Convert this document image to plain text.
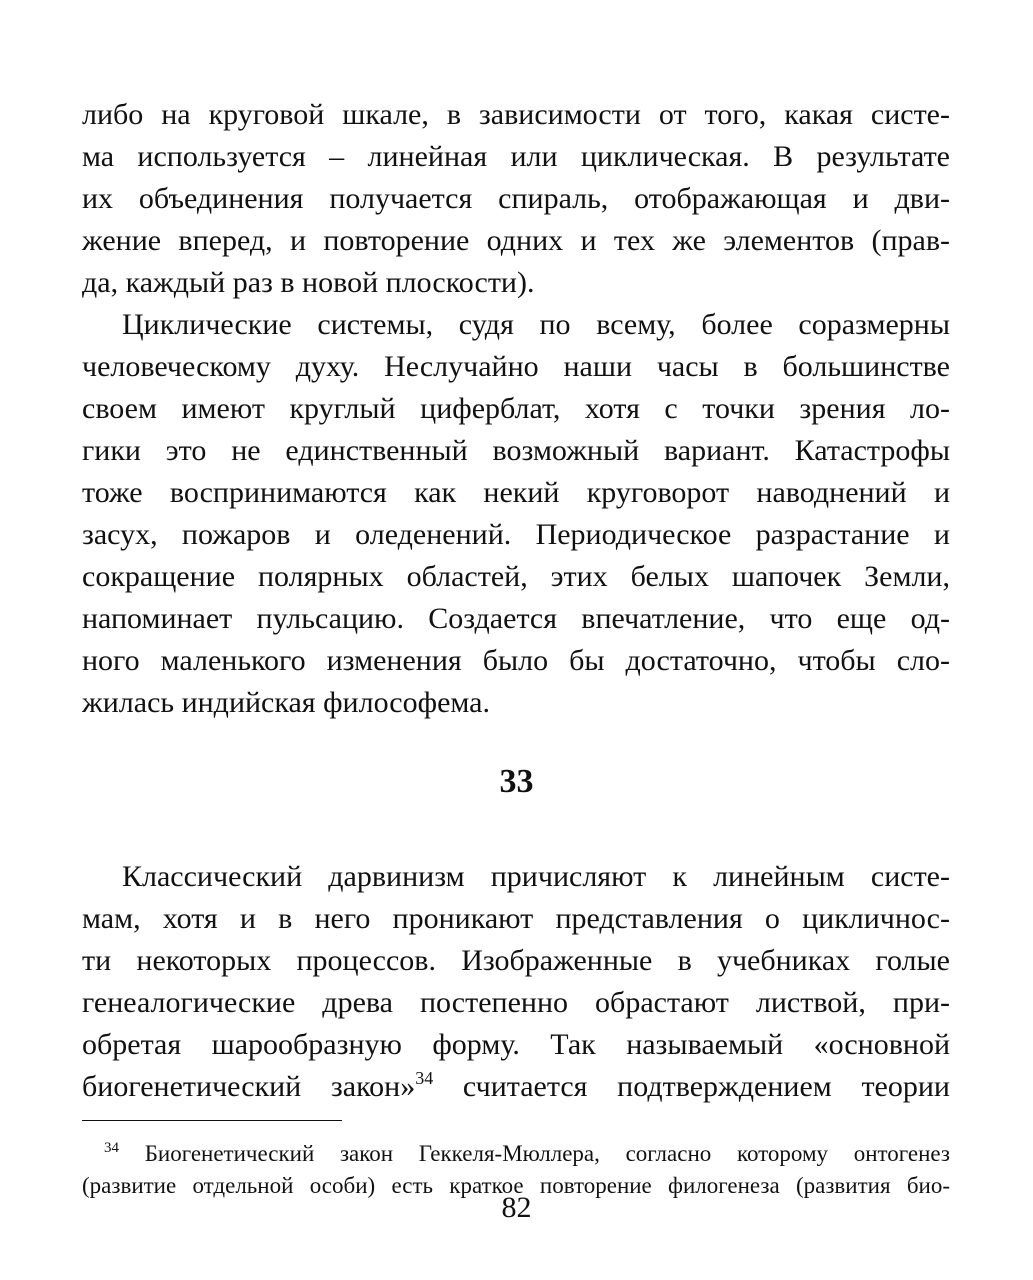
либо на круговой шкале, в зависимости от того, какая систе-
ма используется – линейная или циклическая. В результате
их объединения получается спираль, отображающая и дви-
жение вперед, и повторение одних и тех же элементов (прав-
да, каждый раз в новой плоскости).
Циклические системы, судя по всему, более соразмерны
человеческому духу. Неслучайно наши часы в большинстве
своем имеют круглый циферблат, хотя с точки зрения ло-
гики это не единственный возможный вариант. Катастрофы
тоже воспринимаются как некий круговорот наводнений и
засух, пожаров и оледенений. Периодическое разрастание и
сокращение полярных областей, этих белых шапочек Земли,
напоминает пульсацию. Создается впечатление, что еще од-
ного маленького изменения было бы достаточно, чтобы сло-
жилась индийская философема.
33
Классический дарвинизм причисляют к линейным систе-
мам, хотя и в него проникают представления о цикличнос-
ти некоторых процессов. Изображенные в учебниках голые
генеалогические древа постепенно обрастают листвой, при-
обретая шарообразную форму. Так называемый «основной
биогенетический закон»$^{34}$ считается подтверждением теории
$^{34}$ Биогенетический закон Геккеля-Мюллера, согласно которому онтогенез
(развитие отдельной особи) есть краткое повторение филогенеза (развития био-
82
